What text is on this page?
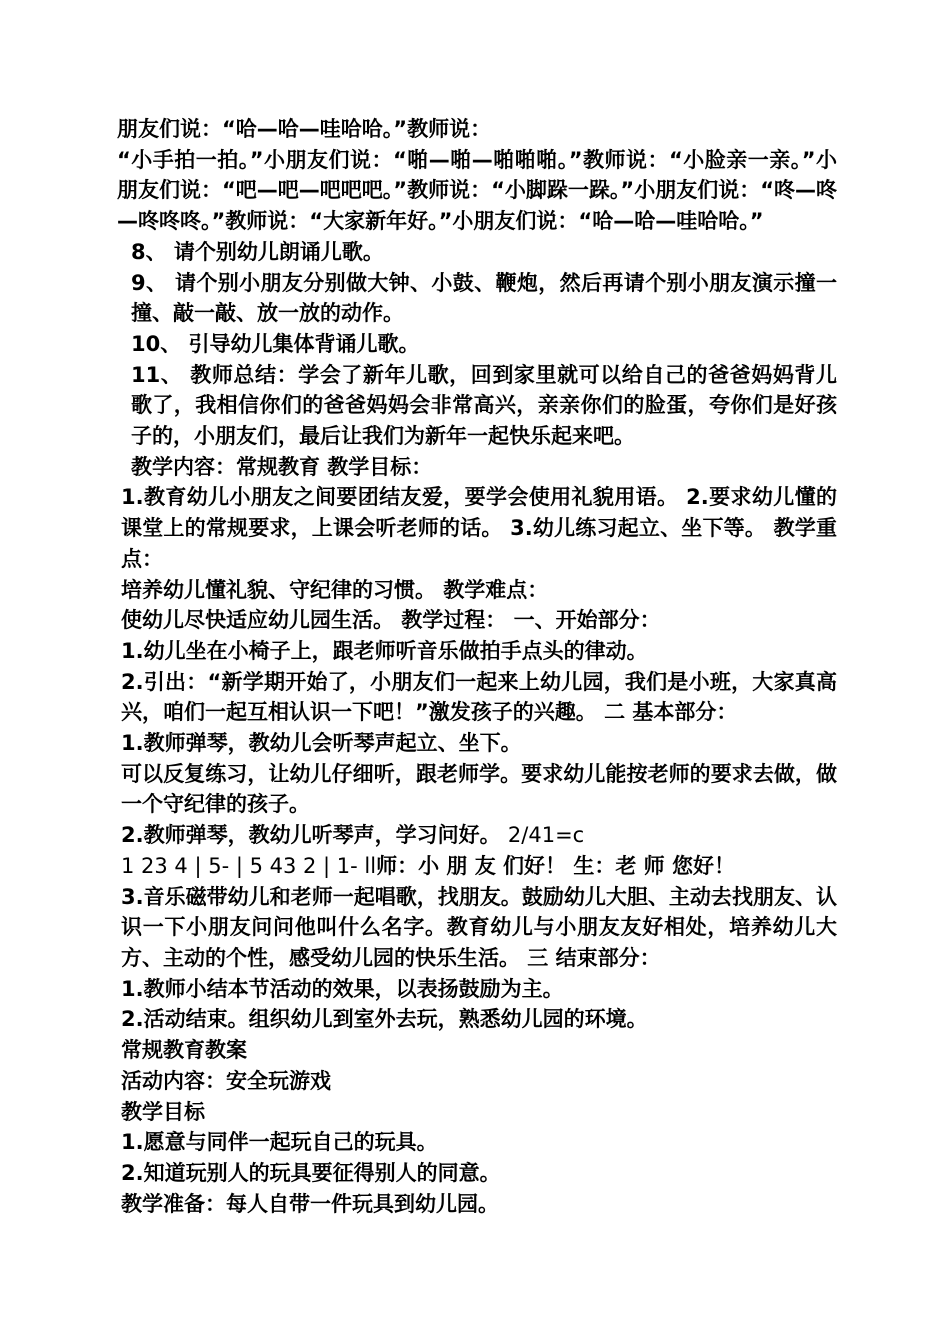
朋友们说：“哈—哈—哇哈哈。”教师说：

“小手拍一拍。”小朋友们说：“啪—啪—啪啪啪。”教师说：“小脸亲一亲。”小朋友们说：“吧—吧—吧吧吧。”教师说：“小脚跺一跺。”小朋友们说：“咚—咚—咚咚咚。”教师说：“大家新年好。”小朋友们说：“哈—哈—哇哈哈。”

8、 请个别幼儿朗诵儿歌。

9、 请个别小朋友分别做大钟、小鼓、鞭炮，然后再请个别小朋友演示撞一撞、敲一敲、放一放的动作。

10、 引导幼儿集体背诵儿歌。

11、 教师总结：学会了新年儿歌，回到家里就可以给自己的爸爸妈妈背儿歌了，我相信你们的爸爸妈妈会非常高兴，亲亲你们的脸蛋，夸你们是好孩子的，小朋友们，最后让我们为新年一起快乐起来吧。

教学内容：常规教育 教学目标：

1.教育幼儿小朋友之间要团结友爱，要学会使用礼貌用语。 2.要求幼儿懂的课堂上的常规要求，上课会听老师的话。 3.幼儿练习起立、坐下等。 教学重点：

培养幼儿懂礼貌、守纪律的习惯。 教学难点：

使幼儿尽快适应幼儿园生活。 教学过程： 一、开始部分：

1.幼儿坐在小椅子上，跟老师听音乐做拍手点头的律动。

2.引出：“新学期开始了，小朋友们一起来上幼儿园，我们是小班，大家真高兴，咱们一起互相认识一下吧！”激发孩子的兴趣。 二 基本部分：

1.教师弹琴，教幼儿会听琴声起立、坐下。

可以反复练习，让幼儿仔细听，跟老师学。要求幼儿能按老师的要求去做，做一个守纪律的孩子。

2.教师弹琴，教幼儿听琴声，学习问好。 2/41=c

1 23 4 | 5- | 5 43 2 | 1- ll师：小 朋 友 们好！ 生：老 师 您好！

3.音乐磁带幼儿和老师一起唱歌，找朋友。鼓励幼儿大胆、主动去找朋友、认识一下小朋友问问他叫什么名字。教育幼儿与小朋友友好相处，培养幼儿大方、主动的个性，感受幼儿园的快乐生活。 三 结束部分：

1.教师小结本节活动的效果，以表扬鼓励为主。

2.活动结束。组织幼儿到室外去玩，熟悉幼儿园的环境。

常规教育教案

活动内容：安全玩游戏

教学目标

1.愿意与同伴一起玩自己的玩具。

2.知道玩别人的玩具要征得别人的同意。

教学准备：每人自带一件玩具到幼儿园。
